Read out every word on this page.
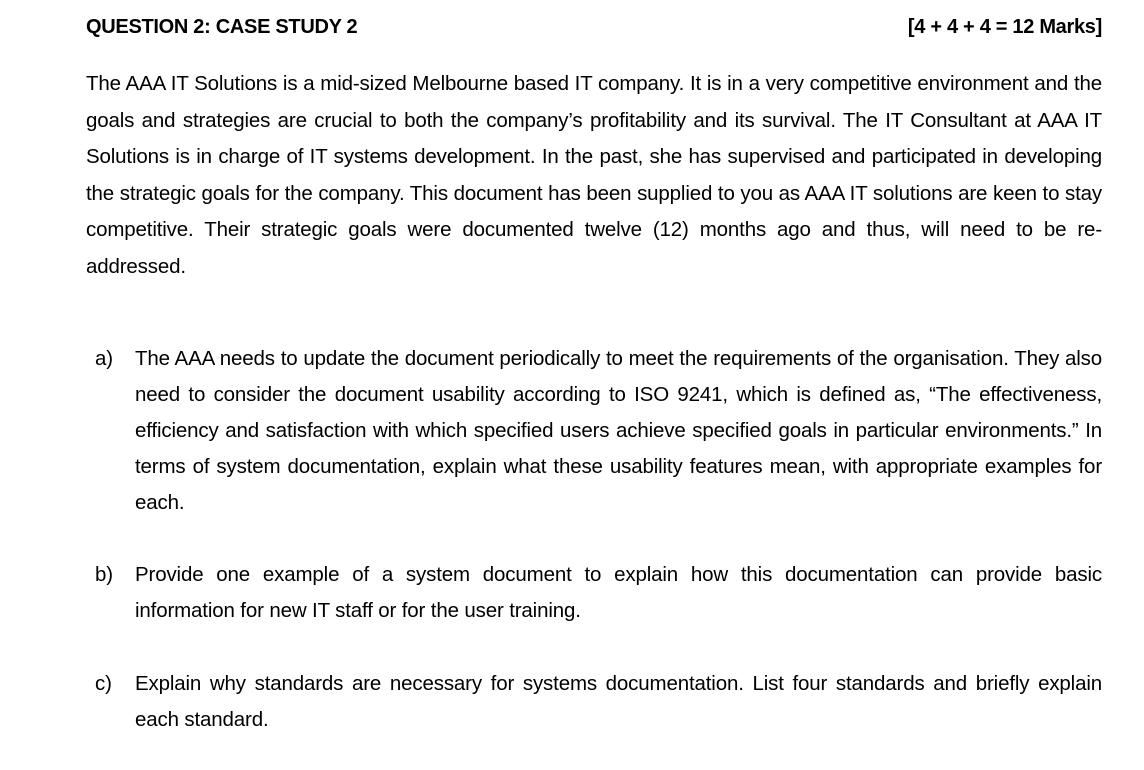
QUESTION 2: CASE STUDY 2	[4 + 4 + 4 = 12 Marks]

The AAA IT Solutions is a mid-sized Melbourne based IT company. It is in a very competitive environment and the goals and strategies are crucial to both the company’s profitability and its survival. The IT Consultant at AAA IT Solutions is in charge of IT systems development. In the past, she has supervised and participated in developing the strategic goals for the company. This document has been supplied to you as AAA IT solutions are keen to stay competitive. Their strategic goals were documented twelve (12) months ago and thus, will need to be re-addressed.

a)	The AAA needs to update the document periodically to meet the requirements of the organisation. They also need to consider the document usability according to ISO 9241, which is defined as, “The effectiveness, efficiency and satisfaction with which specified users achieve specified goals in particular environments.” In terms of system documentation, explain what these usability features mean, with appropriate examples for each.

b)	Provide one example of a system document to explain how this documentation can provide basic information for new IT staff or for the user training.

c)	Explain why standards are necessary for systems documentation. List four standards and briefly explain each standard.
